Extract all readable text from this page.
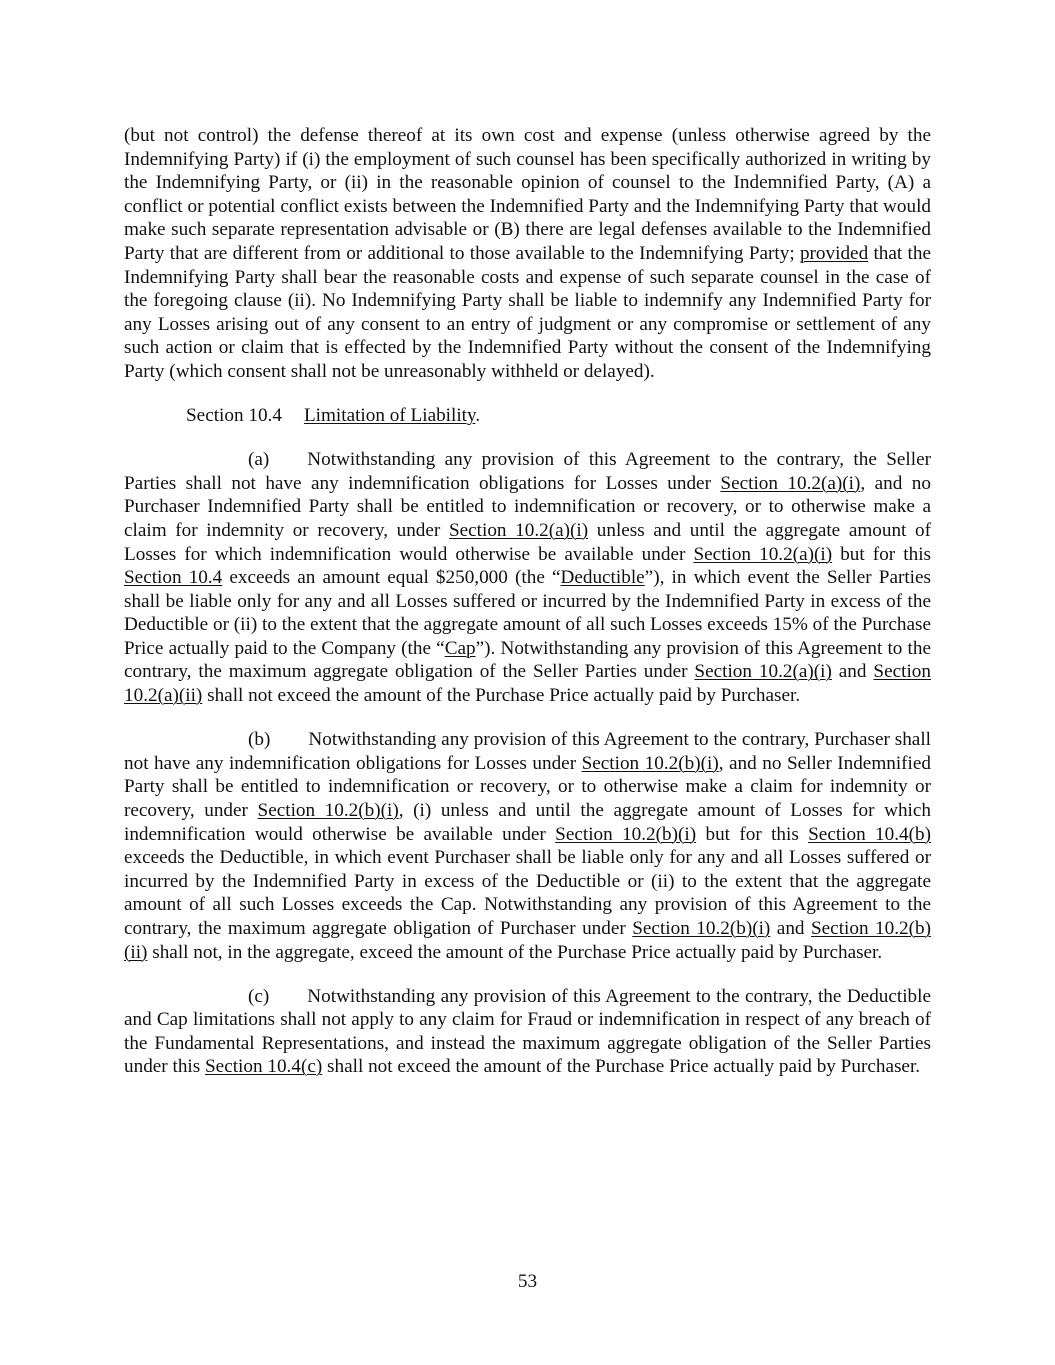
(but not control) the defense thereof at its own cost and expense (unless otherwise agreed by the Indemnifying Party) if (i) the employment of such counsel has been specifically authorized in writing by the Indemnifying Party, or (ii) in the reasonable opinion of counsel to the Indemnified Party, (A) a conflict or potential conflict exists between the Indemnified Party and the Indemnifying Party that would make such separate representation advisable or (B) there are legal defenses available to the Indemnified Party that are different from or additional to those available to the Indemnifying Party; provided that the Indemnifying Party shall bear the reasonable costs and expense of such separate counsel in the case of the foregoing clause (ii). No Indemnifying Party shall be liable to indemnify any Indemnified Party for any Losses arising out of any consent to an entry of judgment or any compromise or settlement of any such action or claim that is effected by the Indemnified Party without the consent of the Indemnifying Party (which consent shall not be unreasonably withheld or delayed).

Section 10.4 Limitation of Liability.

(a) Notwithstanding any provision of this Agreement to the contrary, the Seller Parties shall not have any indemnification obligations for Losses under Section 10.2(a)(i), and no Purchaser Indemnified Party shall be entitled to indemnification or recovery, or to otherwise make a claim for indemnity or recovery, under Section 10.2(a)(i) unless and until the aggregate amount of Losses for which indemnification would otherwise be available under Section 10.2(a)(i) but for this Section 10.4 exceeds an amount equal $250,000 (the “Deductible”), in which event the Seller Parties shall be liable only for any and all Losses suffered or incurred by the Indemnified Party in excess of the Deductible or (ii) to the extent that the aggregate amount of all such Losses exceeds 15% of the Purchase Price actually paid to the Company (the “Cap”). Notwithstanding any provision of this Agreement to the contrary, the maximum aggregate obligation of the Seller Parties under Section 10.2(a)(i) and Section 10.2(a)(ii) shall not exceed the amount of the Purchase Price actually paid by Purchaser.

(b) Notwithstanding any provision of this Agreement to the contrary, Purchaser shall not have any indemnification obligations for Losses under Section 10.2(b)(i), and no Seller Indemnified Party shall be entitled to indemnification or recovery, or to otherwise make a claim for indemnity or recovery, under Section 10.2(b)(i), (i) unless and until the aggregate amount of Losses for which indemnification would otherwise be available under Section 10.2(b)(i) but for this Section 10.4(b) exceeds the Deductible, in which event Purchaser shall be liable only for any and all Losses suffered or incurred by the Indemnified Party in excess of the Deductible or (ii) to the extent that the aggregate amount of all such Losses exceeds the Cap. Notwithstanding any provision of this Agreement to the contrary, the maximum aggregate obligation of Purchaser under Section 10.2(b)(i) and Section 10.2(b)(ii) shall not, in the aggregate, exceed the amount of the Purchase Price actually paid by Purchaser.

(c) Notwithstanding any provision of this Agreement to the contrary, the Deductible and Cap limitations shall not apply to any claim for Fraud or indemnification in respect of any breach of the Fundamental Representations, and instead the maximum aggregate obligation of the Seller Parties under this Section 10.4(c) shall not exceed the amount of the Purchase Price actually paid by Purchaser.

53
